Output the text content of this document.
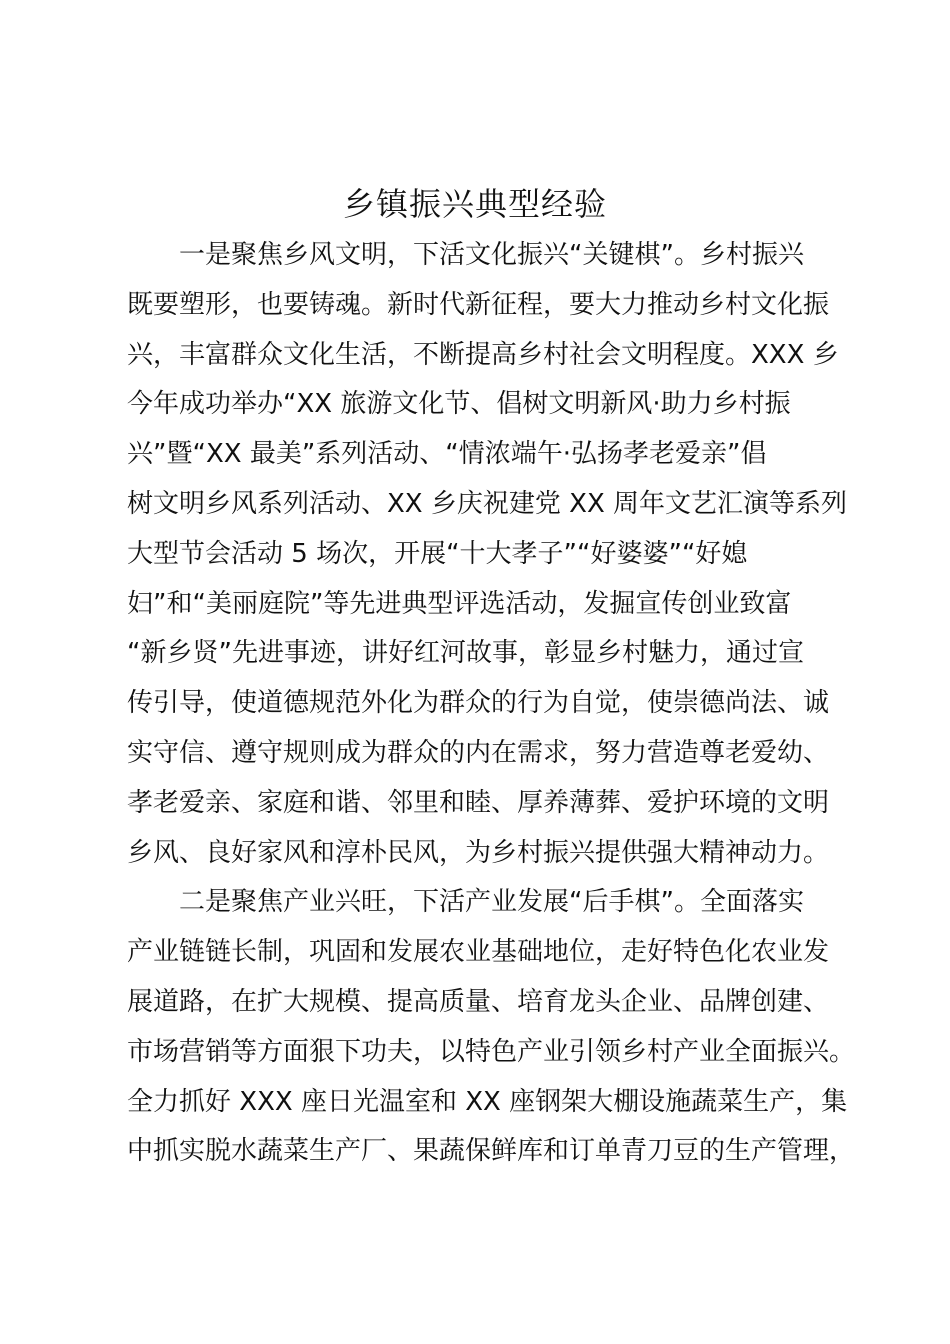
乡镇振兴典型经验
一是聚焦乡风文明，下活文化振兴“关键棋”。乡村振兴
既要塑形，也要铸魂。新时代新征程，要大力推动乡村文化振
兴，丰富群众文化生活，不断提高乡村社会文明程度。XXX 乡
今年成功举办“XX 旅游文化节、倡树文明新风·助力乡村振
兴”暨“XX 最美”系列活动、“情浓端午·弘扬孝老爱亲”倡
树文明乡风系列活动、XX 乡庆祝建党 XX 周年文艺汇演等系列
大型节会活动 5 场次，开展“十大孝子”“好婆婆”“好媳
妇”和“美丽庭院”等先进典型评选活动，发掘宣传创业致富
“新乡贤”先进事迹，讲好红河故事，彰显乡村魅力，通过宣
传引导，使道德规范外化为群众的行为自觉，使崇德尚法、诚
实守信、遵守规则成为群众的内在需求，努力营造尊老爱幼、
孝老爱亲、家庭和谐、邻里和睦、厚养薄葬、爱护环境的文明
乡风、良好家风和淳朴民风，为乡村振兴提供强大精神动力。
二是聚焦产业兴旺，下活产业发展“后手棋”。全面落实
产业链链长制，巩固和发展农业基础地位，走好特色化农业发
展道路，在扩大规模、提高质量、培育龙头企业、品牌创建、
市场营销等方面狠下功夫，以特色产业引领乡村产业全面振兴。
全力抓好 XXX 座日光温室和 XX 座钢架大棚设施蔬菜生产，集
中抓实脱水蔬菜生产厂、果蔬保鲜库和订单青刀豆的生产管理，
